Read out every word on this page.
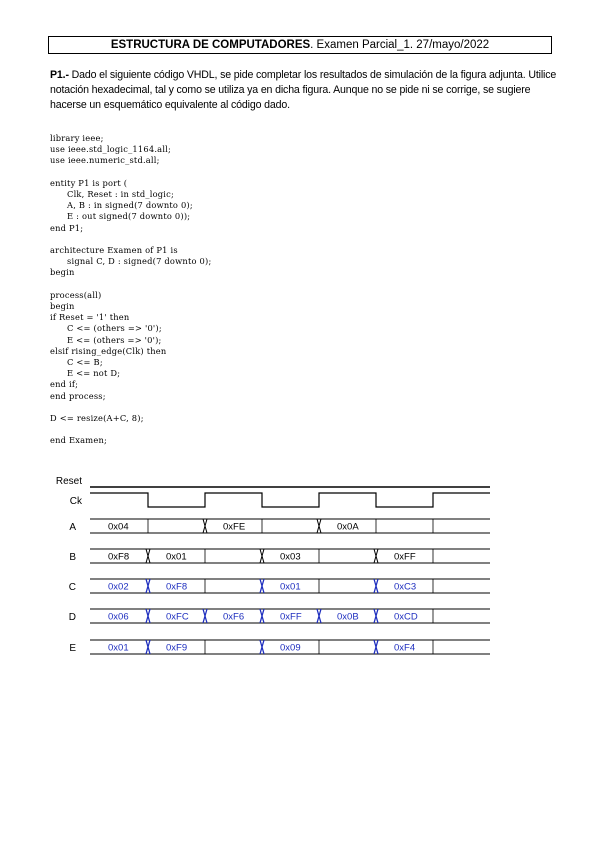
ESTRUCTURA DE COMPUTADORES. Examen Parcial_1. 27/mayo/2022
P1.- Dado el siguiente código VHDL, se pide completar los resultados de simulación de la figura adjunta. Utilice notación hexadecimal, tal y como se utiliza ya en dicha figura. Aunque no se pide ni se corrige, se sugiere hacerse un esquemático equivalente al código dado.
library ieee;
use ieee.std_logic_1164.all;
use ieee.numeric_std.all;

entity P1 is port (
Clk, Reset : in std_logic;
A, B : in signed(7 downto 0);
E : out signed(7 downto 0));
end P1;

architecture Examen of P1 is
signal C, D : signed(7 downto 0);
begin

process(all)
begin
if Reset = '1' then
C <= (others => '0');
E <= (others => '0');
elsif rising_edge(Clk) then
C <= B;
E <= not D;
end if;
end process;

D <= resize(A+C, 8);

end Examen;

Reset
Ck
A	0x04	0xFE	0x0A
B	0xF8	0x01	0x03	0xFF
C	0x02	0xF8	0x01	0xC3
D	0x06	0xFC	0xF6	0xFF	0x0B	0xCD
E	0x01	0xF9	0x09	0xF4
